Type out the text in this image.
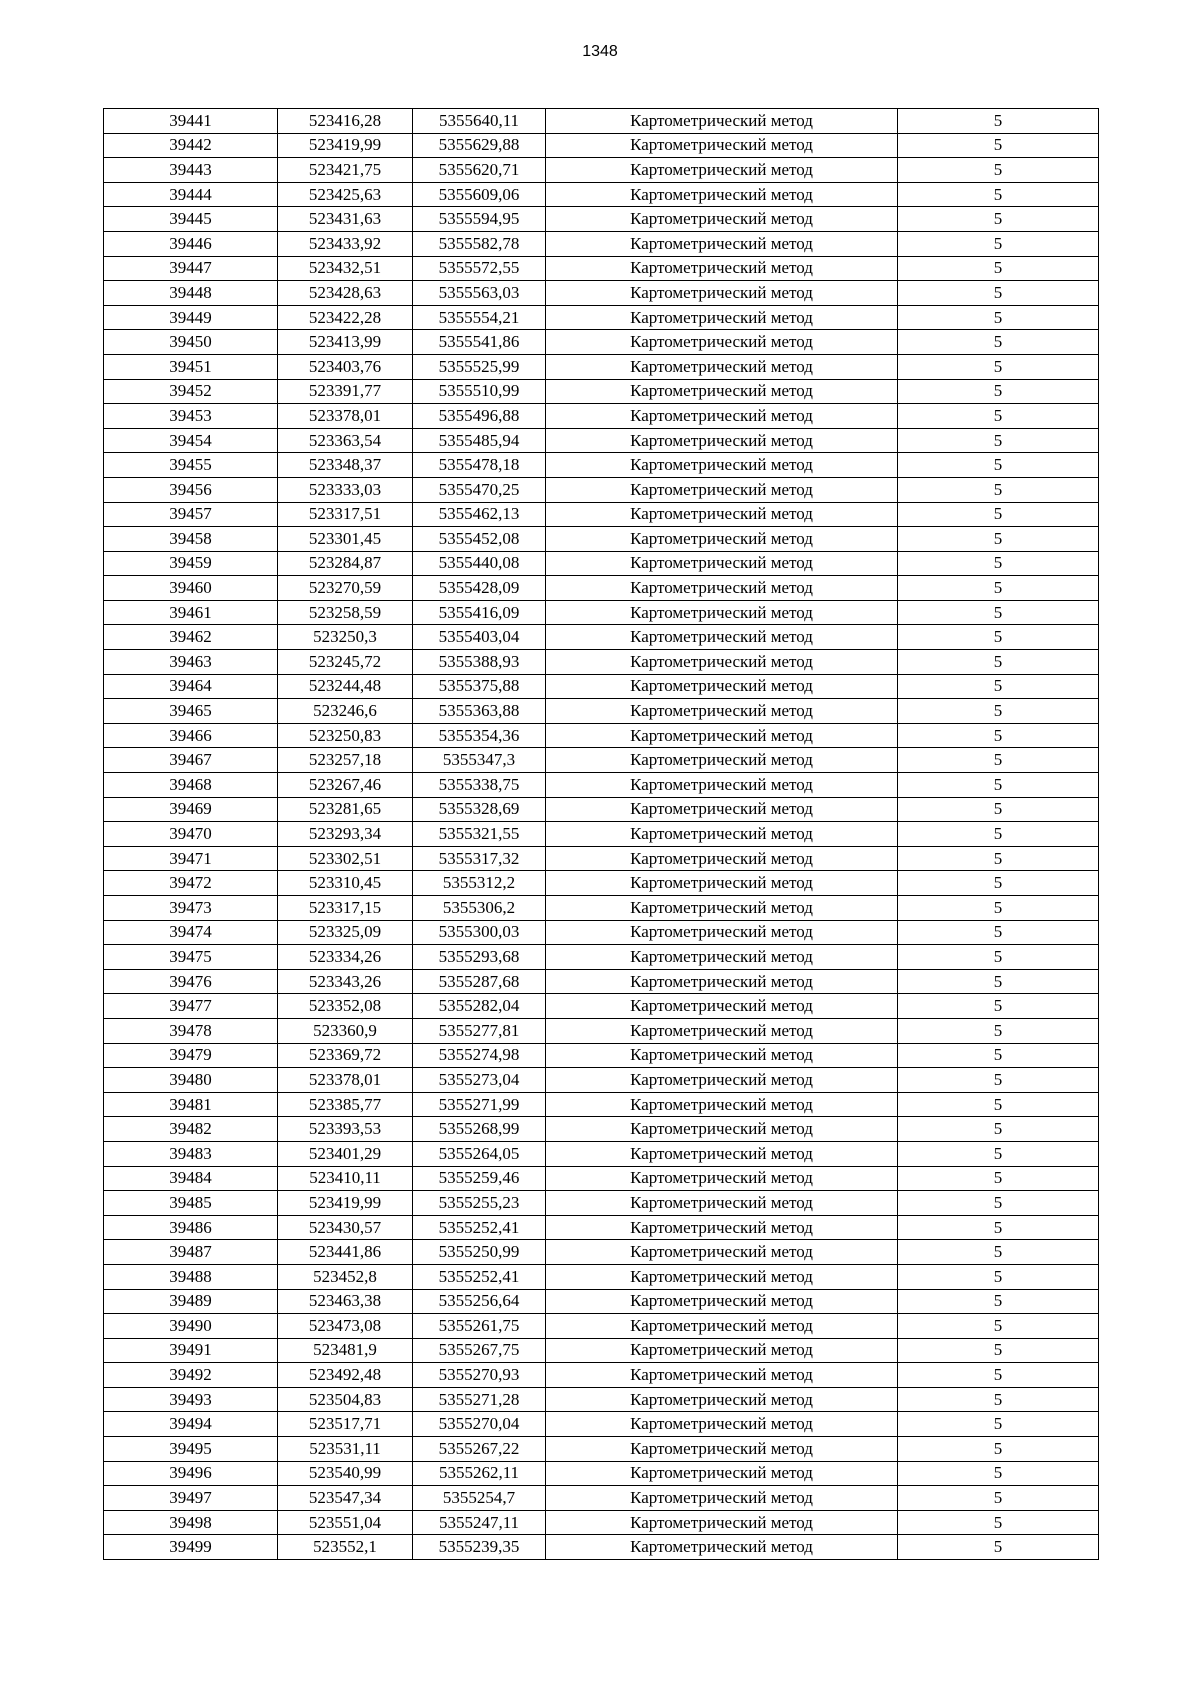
1348
39441	523416,28	5355640,11	Картометрический метод	5
39442	523419,99	5355629,88	Картометрический метод	5
39443	523421,75	5355620,71	Картометрический метод	5
39444	523425,63	5355609,06	Картометрический метод	5
39445	523431,63	5355594,95	Картометрический метод	5
39446	523433,92	5355582,78	Картометрический метод	5
39447	523432,51	5355572,55	Картометрический метод	5
39448	523428,63	5355563,03	Картометрический метод	5
39449	523422,28	5355554,21	Картометрический метод	5
39450	523413,99	5355541,86	Картометрический метод	5
39451	523403,76	5355525,99	Картометрический метод	5
39452	523391,77	5355510,99	Картометрический метод	5
39453	523378,01	5355496,88	Картометрический метод	5
39454	523363,54	5355485,94	Картометрический метод	5
39455	523348,37	5355478,18	Картометрический метод	5
39456	523333,03	5355470,25	Картометрический метод	5
39457	523317,51	5355462,13	Картометрический метод	5
39458	523301,45	5355452,08	Картометрический метод	5
39459	523284,87	5355440,08	Картометрический метод	5
39460	523270,59	5355428,09	Картометрический метод	5
39461	523258,59	5355416,09	Картометрический метод	5
39462	523250,3	5355403,04	Картометрический метод	5
39463	523245,72	5355388,93	Картометрический метод	5
39464	523244,48	5355375,88	Картометрический метод	5
39465	523246,6	5355363,88	Картометрический метод	5
39466	523250,83	5355354,36	Картометрический метод	5
39467	523257,18	5355347,3	Картометрический метод	5
39468	523267,46	5355338,75	Картометрический метод	5
39469	523281,65	5355328,69	Картометрический метод	5
39470	523293,34	5355321,55	Картометрический метод	5
39471	523302,51	5355317,32	Картометрический метод	5
39472	523310,45	5355312,2	Картометрический метод	5
39473	523317,15	5355306,2	Картометрический метод	5
39474	523325,09	5355300,03	Картометрический метод	5
39475	523334,26	5355293,68	Картометрический метод	5
39476	523343,26	5355287,68	Картометрический метод	5
39477	523352,08	5355282,04	Картометрический метод	5
39478	523360,9	5355277,81	Картометрический метод	5
39479	523369,72	5355274,98	Картометрический метод	5
39480	523378,01	5355273,04	Картометрический метод	5
39481	523385,77	5355271,99	Картометрический метод	5
39482	523393,53	5355268,99	Картометрический метод	5
39483	523401,29	5355264,05	Картометрический метод	5
39484	523410,11	5355259,46	Картометрический метод	5
39485	523419,99	5355255,23	Картометрический метод	5
39486	523430,57	5355252,41	Картометрический метод	5
39487	523441,86	5355250,99	Картометрический метод	5
39488	523452,8	5355252,41	Картометрический метод	5
39489	523463,38	5355256,64	Картометрический метод	5
39490	523473,08	5355261,75	Картометрический метод	5
39491	523481,9	5355267,75	Картометрический метод	5
39492	523492,48	5355270,93	Картометрический метод	5
39493	523504,83	5355271,28	Картометрический метод	5
39494	523517,71	5355270,04	Картометрический метод	5
39495	523531,11	5355267,22	Картометрический метод	5
39496	523540,99	5355262,11	Картометрический метод	5
39497	523547,34	5355254,7	Картометрический метод	5
39498	523551,04	5355247,11	Картометрический метод	5
39499	523552,1	5355239,35	Картометрический метод	5
